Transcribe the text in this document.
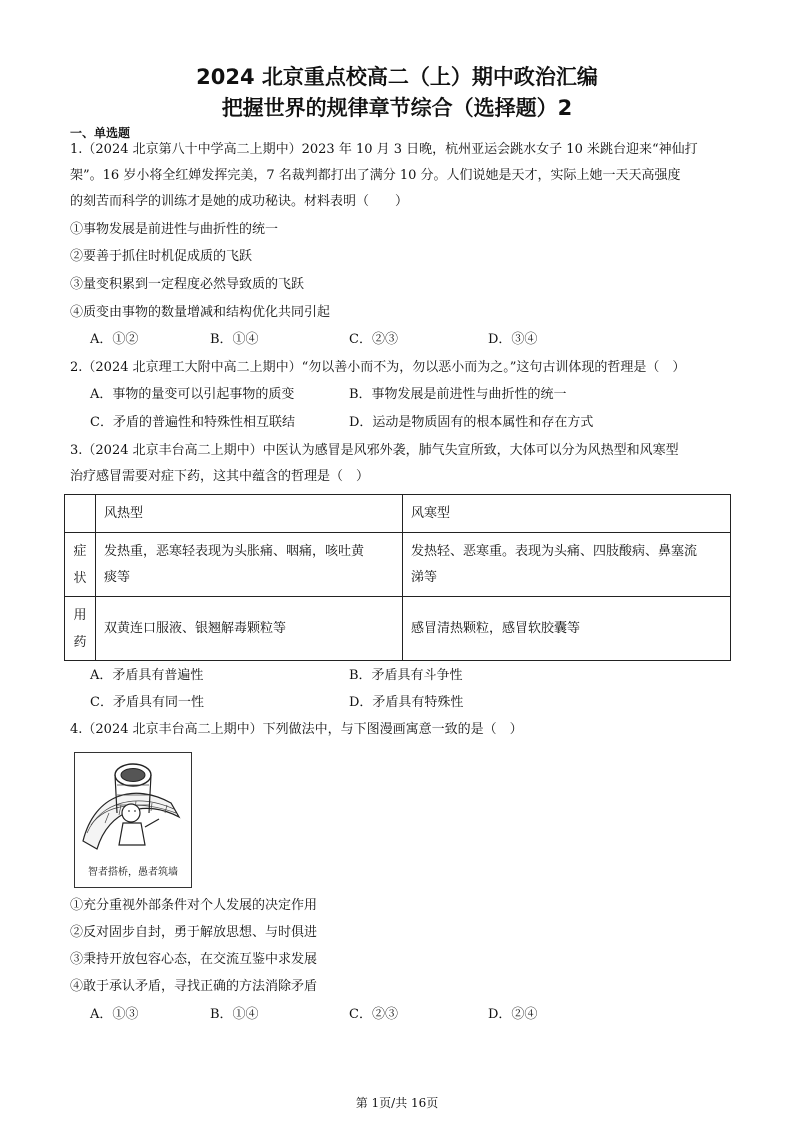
2024 北京重点校高二（上）期中政治汇编
把握世界的规律章节综合（选择题）2
一、单选题
1.（2024 北京第八十中学高二上期中）2023 年 10 月 3 日晚，杭州亚运会跳水女子 10 米跳台迎来“神仙打
架”。16 岁小将全红婵发挥完美，7 名裁判都打出了满分 10 分。人们说她是天才，实际上她一天天高强度
的刻苦而科学的训练才是她的成功秘诀。材料表明（　　）
①事物发展是前进性与曲折性的统一
②要善于抓住时机促成质的飞跃
③量变积累到一定程度必然导致质的飞跃
④质变由事物的数量增减和结构优化共同引起
A．①②	B．①④	C．②③	D．③④
2.（2024 北京理工大附中高二上期中）“勿以善小而不为，勿以恶小而为之。”这句古训体现的哲理是（　）
A．事物的量变可以引起事物的质变	B．事物发展是前进性与曲折性的统一
C．矛盾的普遍性和特殊性相互联结	D．运动是物质固有的根本属性和存在方式
3.（2024 北京丰台高二上期中）中医认为感冒是风邪外袭，肺气失宣所致，大体可以分为风热型和风寒型
治疗感冒需要对症下药，这其中蕴含的哲理是（　）
	风热型	风寒型
症
状	发热重，恶寒轻表现为头胀痛、咽痛，咳吐黄
痰等	发热轻、恶寒重。表现为头痛、四肢酸病、鼻塞流
涕等
用
药	双黄连口服液、银翘解毒颗粒等	感冒清热颗粒，感冒软胶囊等
A．矛盾具有普遍性	B．矛盾具有斗争性
C．矛盾具有同一性	D．矛盾具有特殊性
4.（2024 北京丰台高二上期中）下列做法中，与下图漫画寓意一致的是（　）
智者搭桥，愚者筑墙
①充分重视外部条件对个人发展的决定作用
②反对固步自封，勇于解放思想、与时俱进
③秉持开放包容心态，在交流互鉴中求发展
④敢于承认矛盾，寻找正确的方法消除矛盾
A．①③	B．①④	C．②③	D．②④
第 1页/共 16页
